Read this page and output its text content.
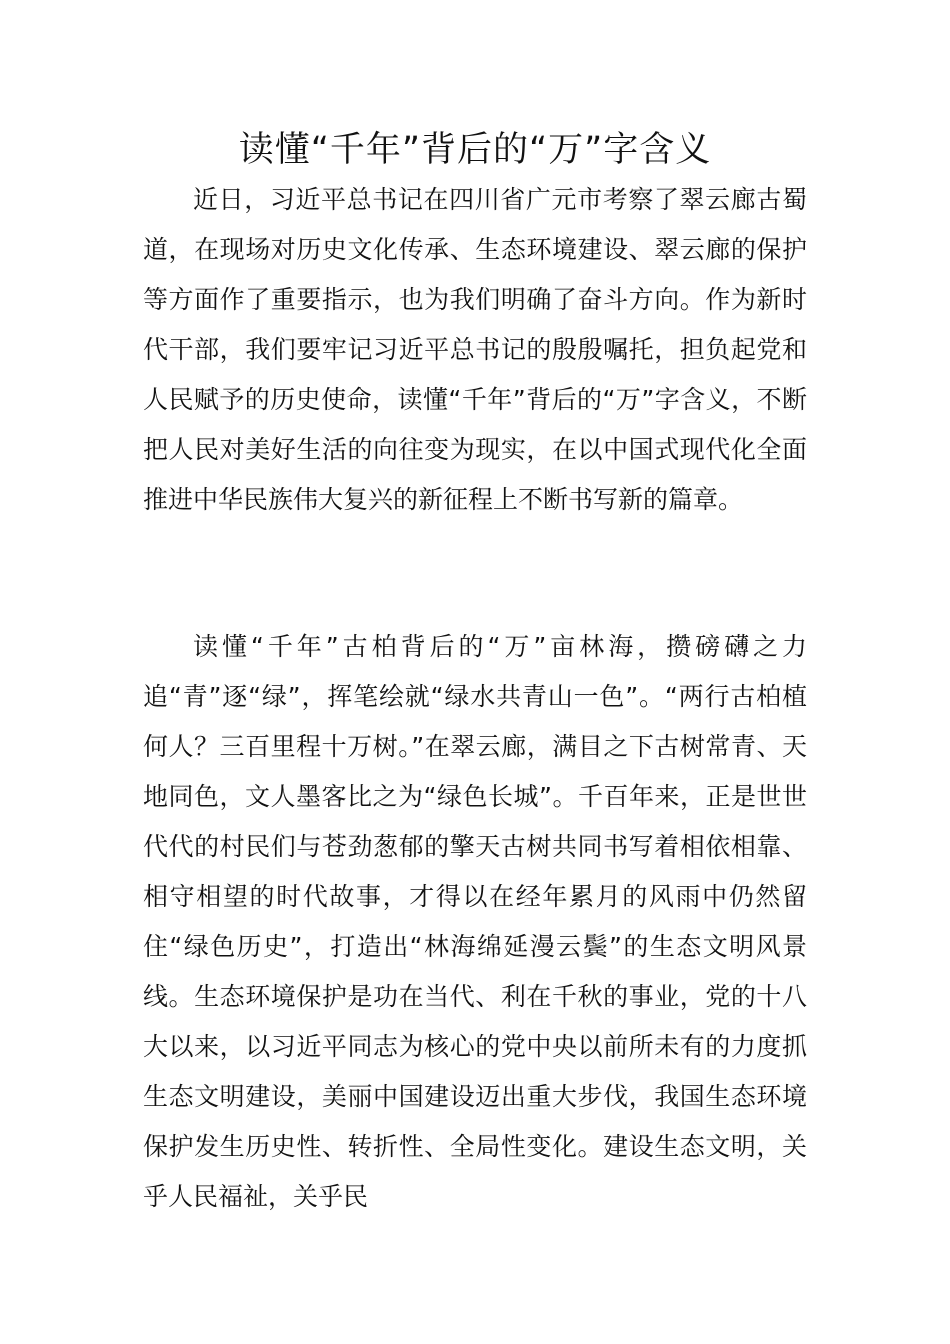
读懂“千年”背后的“万”字含义

近日，习近平总书记在四川省广元市考察了翠云廊古蜀道，在现场对历史文化传承、生态环境建设、翠云廊的保护等方面作了重要指示，也为我们明确了奋斗方向。作为新时代干部，我们要牢记习近平总书记的殷殷嘱托，担负起党和人民赋予的历史使命，读懂“千年”背后的“万”字含义，不断把人民对美好生活的向往变为现实，在以中国式现代化全面推进中华民族伟大复兴的新征程上不断书写新的篇章。

读懂“千年”古柏背后的“万”亩林海，攒磅礴之力追“青”逐“绿”，挥笔绘就“绿水共青山一色”。“两行古柏植何人？三百里程十万树。”在翠云廊，满目之下古树常青、天地同色，文人墨客比之为“绿色长城”。千百年来，正是世世代代的村民们与苍劲葱郁的擎天古树共同书写着相依相靠、相守相望的时代故事，才得以在经年累月的风雨中仍然留住“绿色历史”，打造出“林海绵延漫云鬓”的生态文明风景线。生态环境保护是功在当代、利在千秋的事业，党的十八大以来，以习近平同志为核心的党中央以前所未有的力度抓生态文明建设，美丽中国建设迈出重大步伐，我国生态环境保护发生历史性、转折性、全局性变化。建设生态文明，关乎人民福祉，关乎民
